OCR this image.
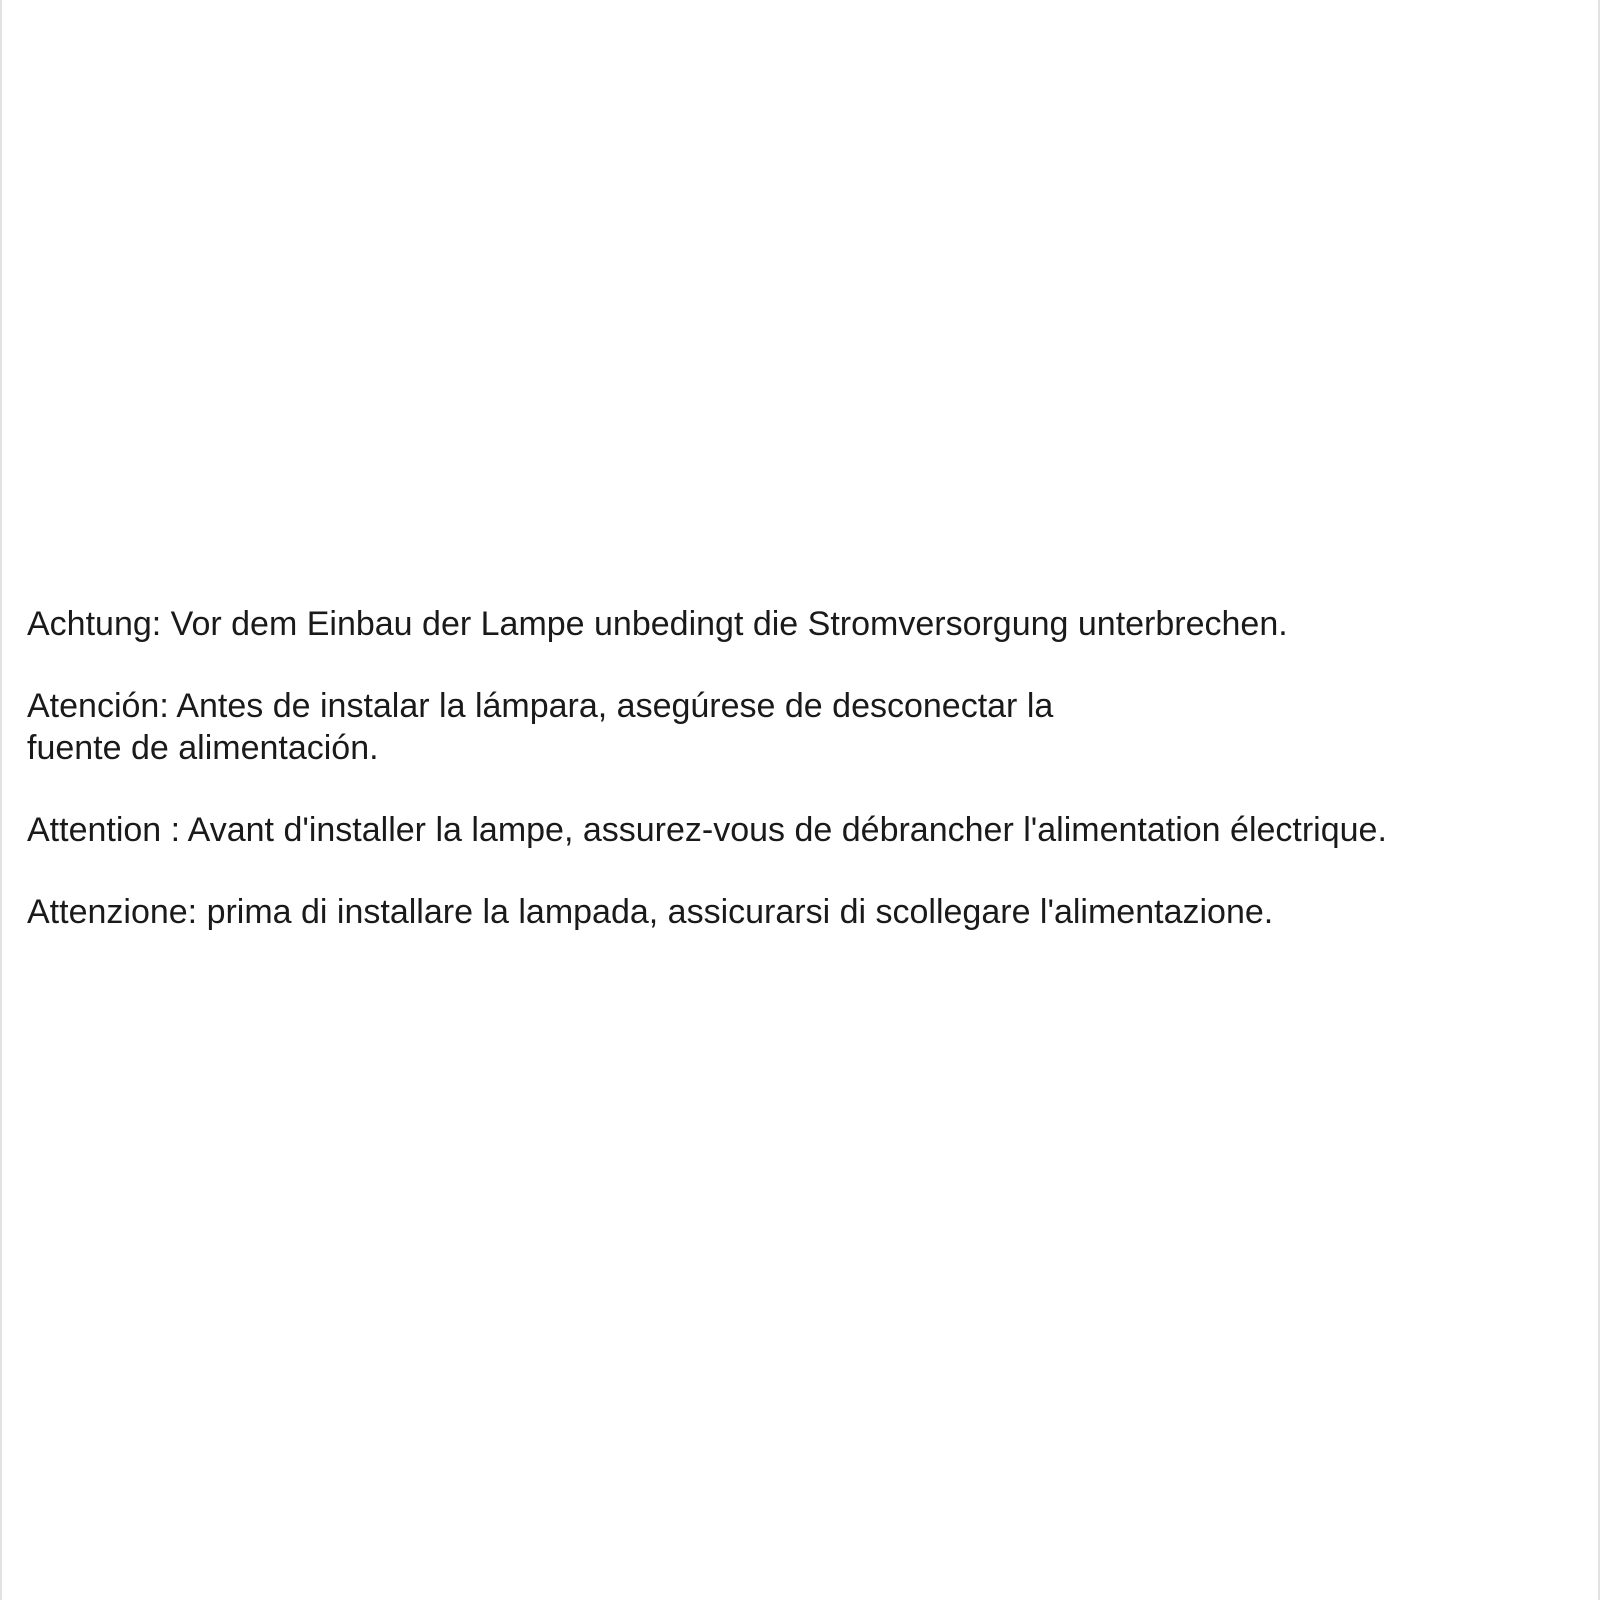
Achtung: Vor dem Einbau der Lampe unbedingt die Stromversorgung unterbrechen.

Atención: Antes de instalar la lámpara, asegúrese de desconectar la
fuente de alimentación.

Attention : Avant d'installer la lampe, assurez-vous de débrancher l'alimentation électrique.

Attenzione: prima di installare la lampada, assicurarsi di scollegare l'alimentazione.
